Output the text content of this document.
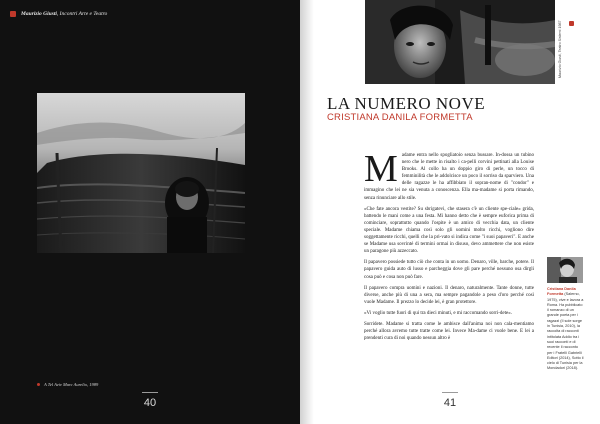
Maurizio Giusti, Incontri Arte e Teatro
A Tel Aviv Marc Aurelio, 1989
40
Maurizio Giusti, Teatro Sistemi 1987
LA NUMERO NOVE
CRISTIANA DANILA FORMETTA
M adame entra nello spogliatoio senza bussare. In-dossa un tubino nero che le mette in risalto i ca-pelli corvini pettinati alla Louise Brooks. Al collo ha un doppio giro di perle, un tocco di femminilità che le addolcisce un poco il sorriso da sparviero. Una delle ragazze le ha affibbiato il sopran-nome di "condor" e immagino che lei ne sia venuta a conoscenza. Ella ma-madame si porta rimando, senza rinunciare allo stile.

«Che fate ancora vestite? Su sbrigatevi, che stasera c'è un cliente spe-ciale» grida, battendo le mani come a una festa. Mi hanno detto che è sempre euforica prima di cominciare, soprattutto quando l'ospite è un amico di vecchia data, un cliente speciale. Madame chiama così solo gli uomini molto ricchi, vogliono dire soggettamente ricchi, quelli che la pri-vato si indica come "i suoi papaveri". E anche se Madame usa sovrinté di termini ormai in disuso, devo ammettere che non esiste un paragone più azzeccato.

Il papavero possiede tutto ciò che conta in un uomo. Denaro, ville, barche, potere. Il papavero guida auto di lusso e parcheggia dove gli pare perché nessuno osa dirgli cosa può e cosa non può fare.

Il papavero compra uomini e nazioni. Il denaro, naturalmente. Tante donne, tutte diverse, anche più di una a sera, ma sempre pagandole a peso d'oro perché così vuole Madame. Il prezzo lo decide lei, è gran protettore.

«Vi voglio tutte fuori di qui tra dieci minuti, e mi raccomando sorri-dete».

Sorridete. Madame si tratta come le ambisce dall'anima noi non cala-mentiamo perché allora avremo tutte tratte come lei. Invece Ma-dame ci vuole bene. E lei a prendenti cura di noi quando nessun altro è

Cristiana Danila Formetta (Salerno, 1975), vive e lavora a Roma. Ha pubblicato il romanzo di un grande poeta per i ragazzi (Il sole sorge in Tunisia, 2010), la raccolta di racconti intitolata Addio tra i suoi racconti e di recente il racconto per i Fratelli Gabrielli Editori (2014), Sotto il cielo di Tunisia per la Mondadori (2018).
41
